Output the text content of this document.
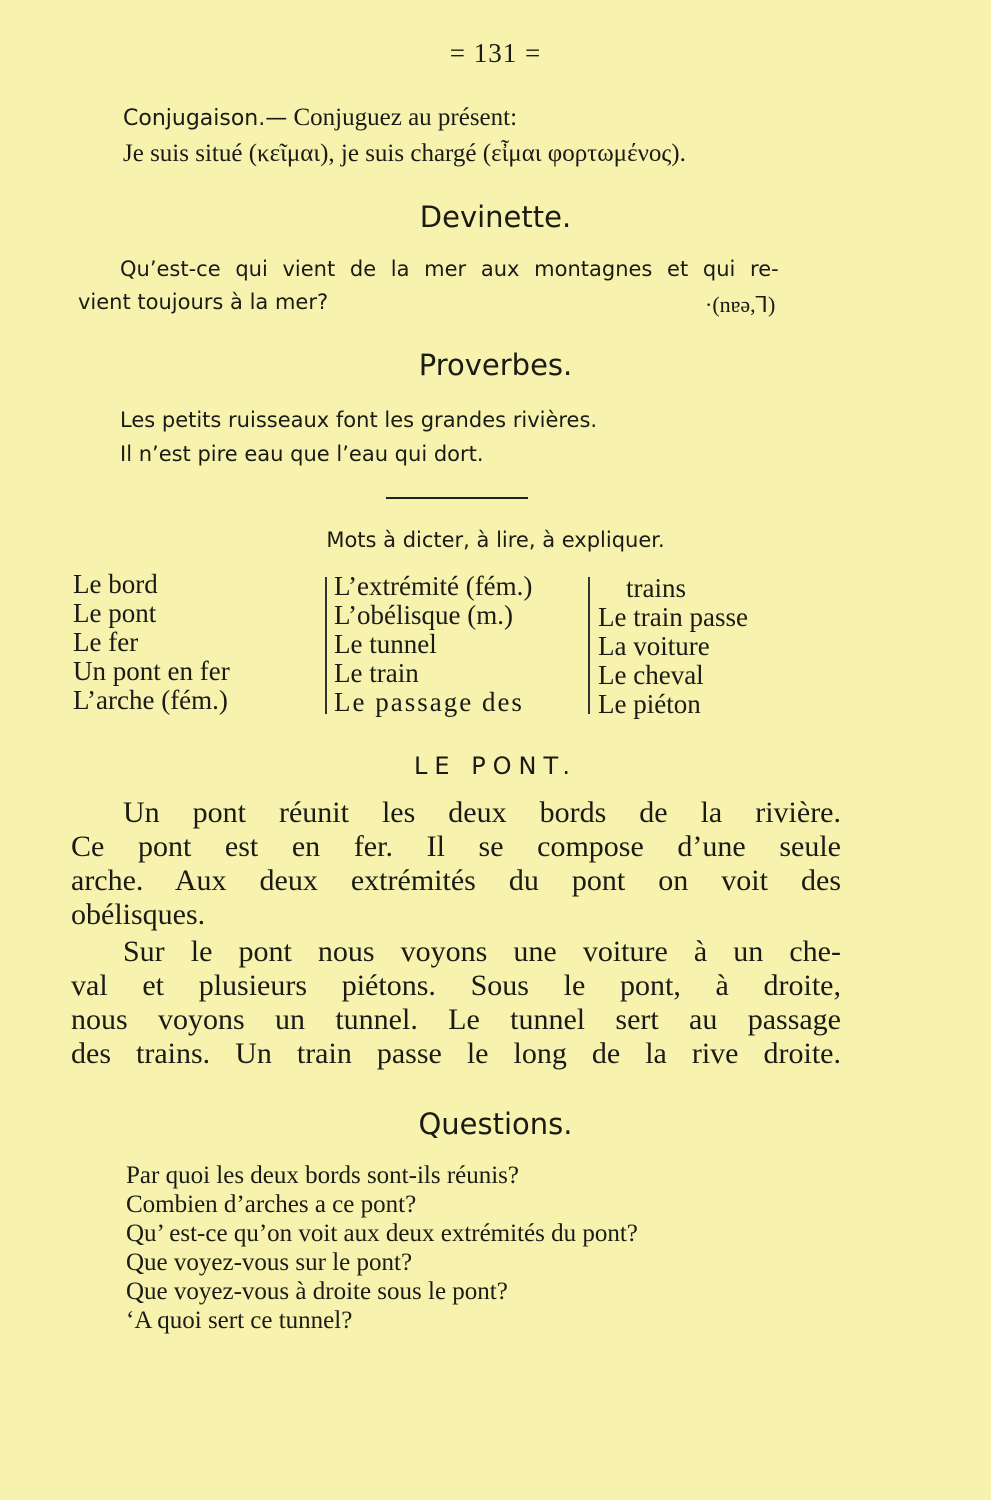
= 131 =
Conjugaison.— Conjuguez au présent:
Je suis situé (κεῖμαι), je suis chargé (εἶμαι φορτωμένος).
Devinette.
Qu’est-ce qui vient de la mer aux montagnes et qui re-
vient toujours à la mer?	·(nɐə,ꓶ)
Proverbes.
Les petits ruisseaux font les grandes rivières.
Il n’est pire eau que l’eau qui dort.
Mots à dicter, à lire, à expliquer.
Le bord
Le pont
Le fer
Un pont en fer
L’arche (fém.)
L’extrémité (fém.)
L’obélisque (m.)
Le tunnel
Le train
Le passage des
trains
Le train passe
La voiture
Le cheval
Le piéton
LE PONT.
Un pont réunit les deux bords de la rivière.
Ce pont est en fer. Il se compose d’une seule
arche. Aux deux extrémités du pont on voit des
obélisques.
Sur le pont nous voyons une voiture à un che-
val et plusieurs piétons. Sous le pont, à droite,
nous voyons un tunnel. Le tunnel sert au passage
des trains. Un train passe le long de la rive droite.
Questions.
Par quoi les deux bords sont-ils réunis?
Combien d’arches a ce pont?
Qu’ est-ce qu’on voit aux deux extrémités du pont?
Que voyez-vous sur le pont?
Que voyez-vous à droite sous le pont?
‘A quoi sert ce tunnel?
